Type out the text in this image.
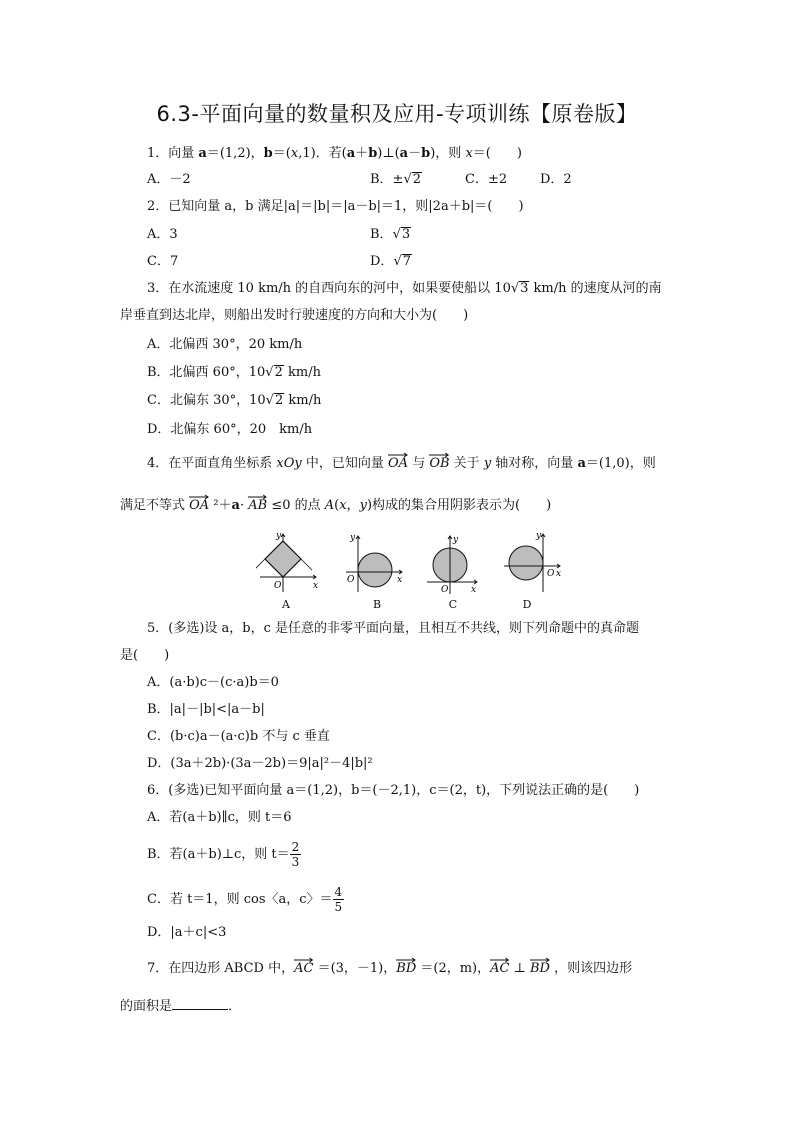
6.3-平面向量的数量积及应用-专项训练【原卷版】
1．向量 a＝(1,2)，b＝(x,1)．若(a＋b)⊥(a－b)，则 x＝(　　)
A．－2	B．±√2	C．±2	D．2
2．已知向量 a，b 满足|a|＝|b|＝|a－b|＝1，则|2a＋b|＝(　　)
A．3	B．√3
C．7	D．√7
3．在水流速度 10 km/h 的自西向东的河中，如果要使船以 10√3 km/h 的速度从河的南
岸垂直到达北岸，则船出发时行驶速度的方向和大小为(　　)
A．北偏西 30°，20 km/h
B．北偏西 60°，10√2 km/h
C．北偏东 30°，10√2 km/h
D．北偏东 60°，20　km/h
4．在平面直角坐标系 xOy 中，已知向量
OA 与
OB 关于 y 轴对称，向量 a＝(1,0)，则
满足不等式
OA ²＋a·
AB ≤0 的点 A(x，y)构成的集合用阴影表示为(　　)
y
O	x
y
O	x
y
O	x
y
O x
A	B	C	D
5．(多选)设 a，b，c 是任意的非零平面向量，且相互不共线，则下列命题中的真命题
是(　　)
A．(a·b)c－(c·a)b＝0
B．|a|－|b|<|a－b|
C．(b·c)a－(a·c)b 不与 c 垂直
D．(3a＋2b)·(3a－2b)＝9|a|²－4|b|²
6．(多选)已知平面向量 a＝(1,2)，b＝(－2,1)，c＝(2，t)，下列说法正确的是(　　)
A．若(a＋b)∥c，则 t＝6
B．若(a＋b)⊥c，则 $t= \frac{2}{3}$
C．若 t＝1，则 cos〈a，c〉＝ $\frac{4}{5}$
D．|a＋c|<3
7．在四边形 ABCD 中，
AC ＝(3，－1)，
BD ＝(2，m)，
AC ⊥
BD ，则该四边形
的面积是	．
